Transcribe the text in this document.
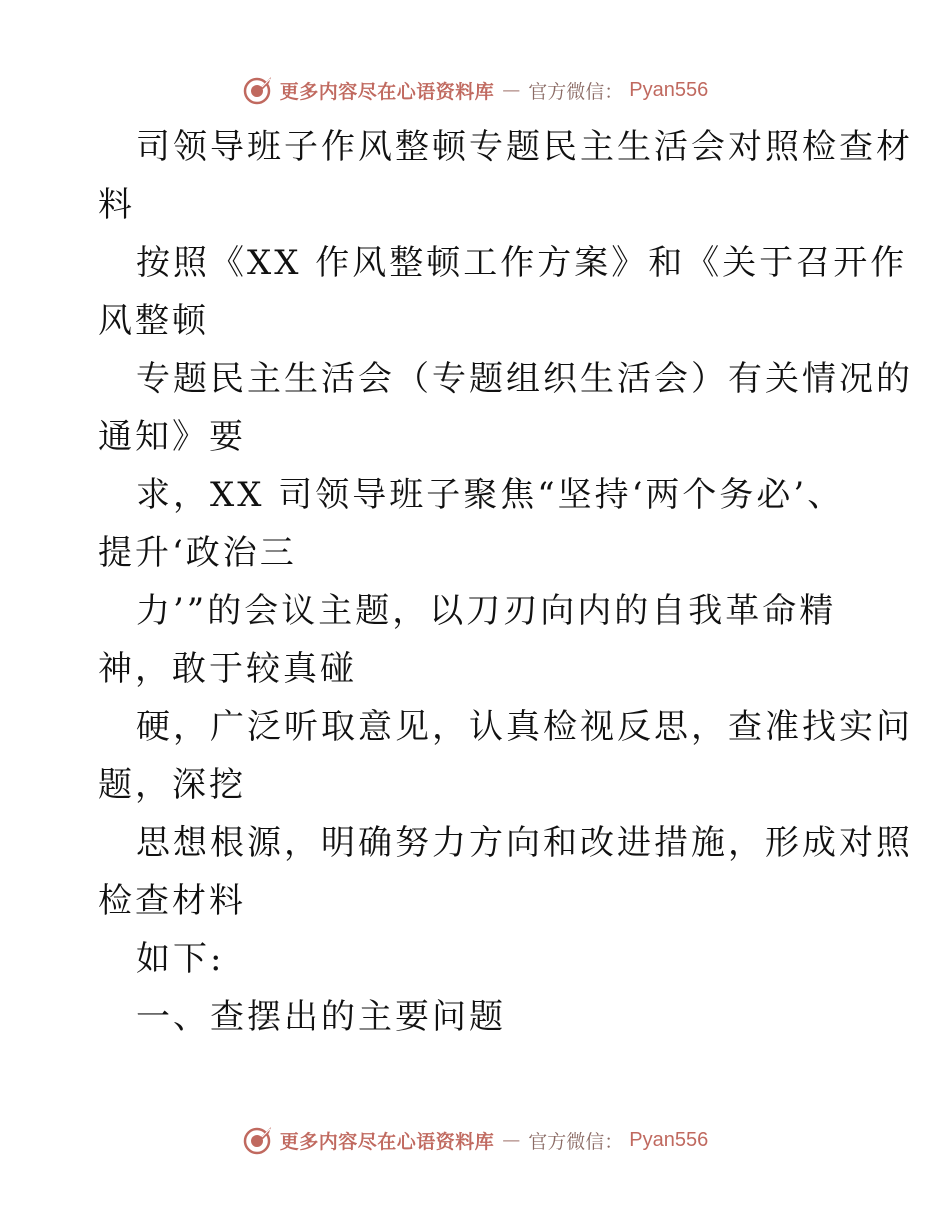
更多内容尽在心语资料库 — 官方微信： Pyan556
司领导班子作风整顿专题民主生活会对照检查材
料
按照《XX 作风整顿工作方案》和《关于召开作
风整顿
专题民主生活会（专题组织生活会）有关情况的
通知》要
求，XX 司领导班子聚焦“坚持‘两个务必’、
提升‘政治三
力’”的会议主题，以刀刃向内的自我革命精
神，敢于较真碰
硬，广泛听取意见，认真检视反思，查准找实问
题，深挖
思想根源，明确努力方向和改进措施，形成对照
检查材料
如下:
一、查摆出的主要问题
更多内容尽在心语资料库 — 官方微信： Pyan556
